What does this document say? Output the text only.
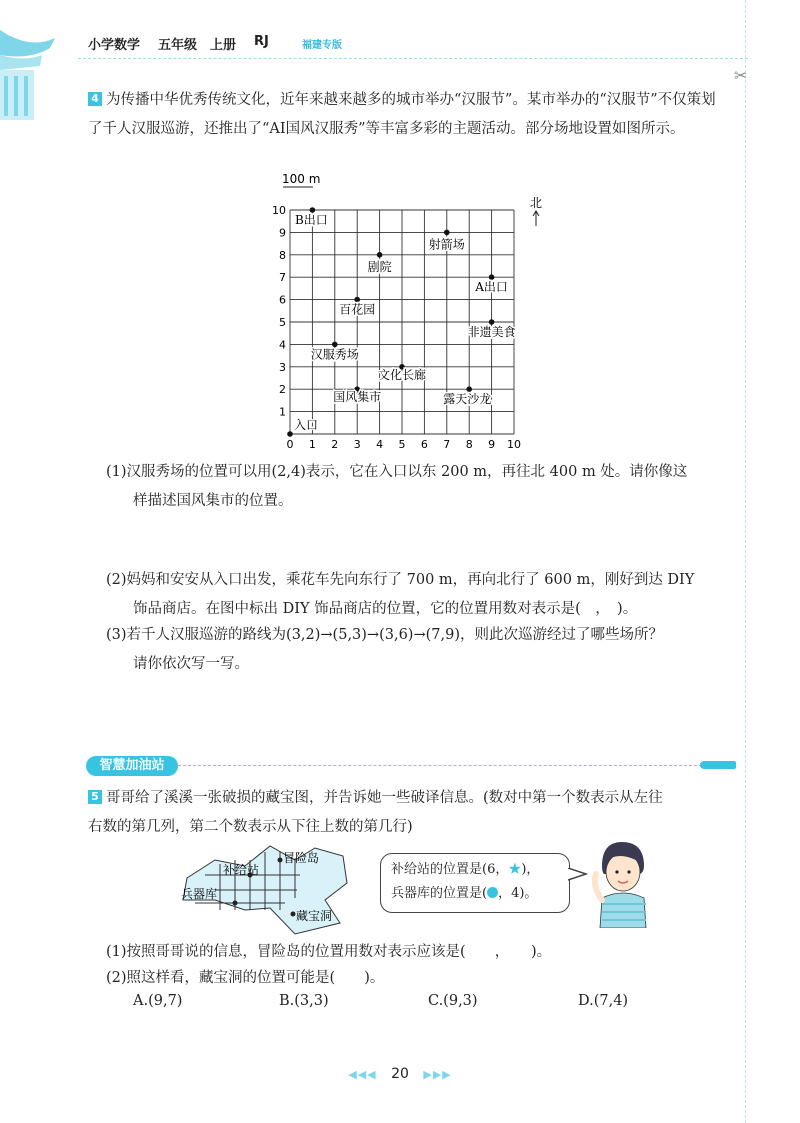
小学数学 五年级 上册 RJ	福建专版
✂
4 为传播中华优秀传统文化，近年来越来越多的城市举办“汉服节”。某市举办的“汉服节”不仅策划了千人汉服巡游，还推出了“AI国风汉服秀”等丰富多彩的主题活动。部分场地设置如图所示。
0 1
1
2
2
3
3
4
4
5
5
6
6
7
7
8
8
9
9
10
10
入口
国风集市	露天沙龙
文化长廊
汉服秀场
非遗美食
百花园
A出口
剧院
射箭场
B出口
100 m
北
(1)汉服秀场的位置可以用(2,4)表示，它在入口以东 200 m，再往北 400 m 处。请你像这
样描述国风集市的位置。
(2)妈妈和安安从入口出发，乘花车先向东行了 700 m，再向北行了 600 m，刚好到达 DIY
饰品商店。在图中标出 DIY 饰品商店的位置，它的位置用数对表示是(　，　)。
(3)若千人汉服巡游的路线为(3,2)→(5,3)→(3,6)→(7,9)，则此次巡游经过了哪些场所？
请你依次写一写。
智慧加油站
5 哥哥给了溪溪一张破损的藏宝图，并告诉她一些破译信息。(数对中第一个数表示从左往
右数的第几列，第二个数表示从下往上数的第几行)
冒险岛
补给站
兵器库
藏宝洞
补给站的位置是(6，★)，
兵器库的位置是( ，4)。
(1)按照哥哥说的信息，冒险岛的位置用数对表示应该是(　　，　　)。
(2)照这样看，藏宝洞的位置可能是(　　)。
A.(9,7)	B.(3,3)	C.(9,3)	D.(7,4)
◀◀◀ 20 ▶▶▶
